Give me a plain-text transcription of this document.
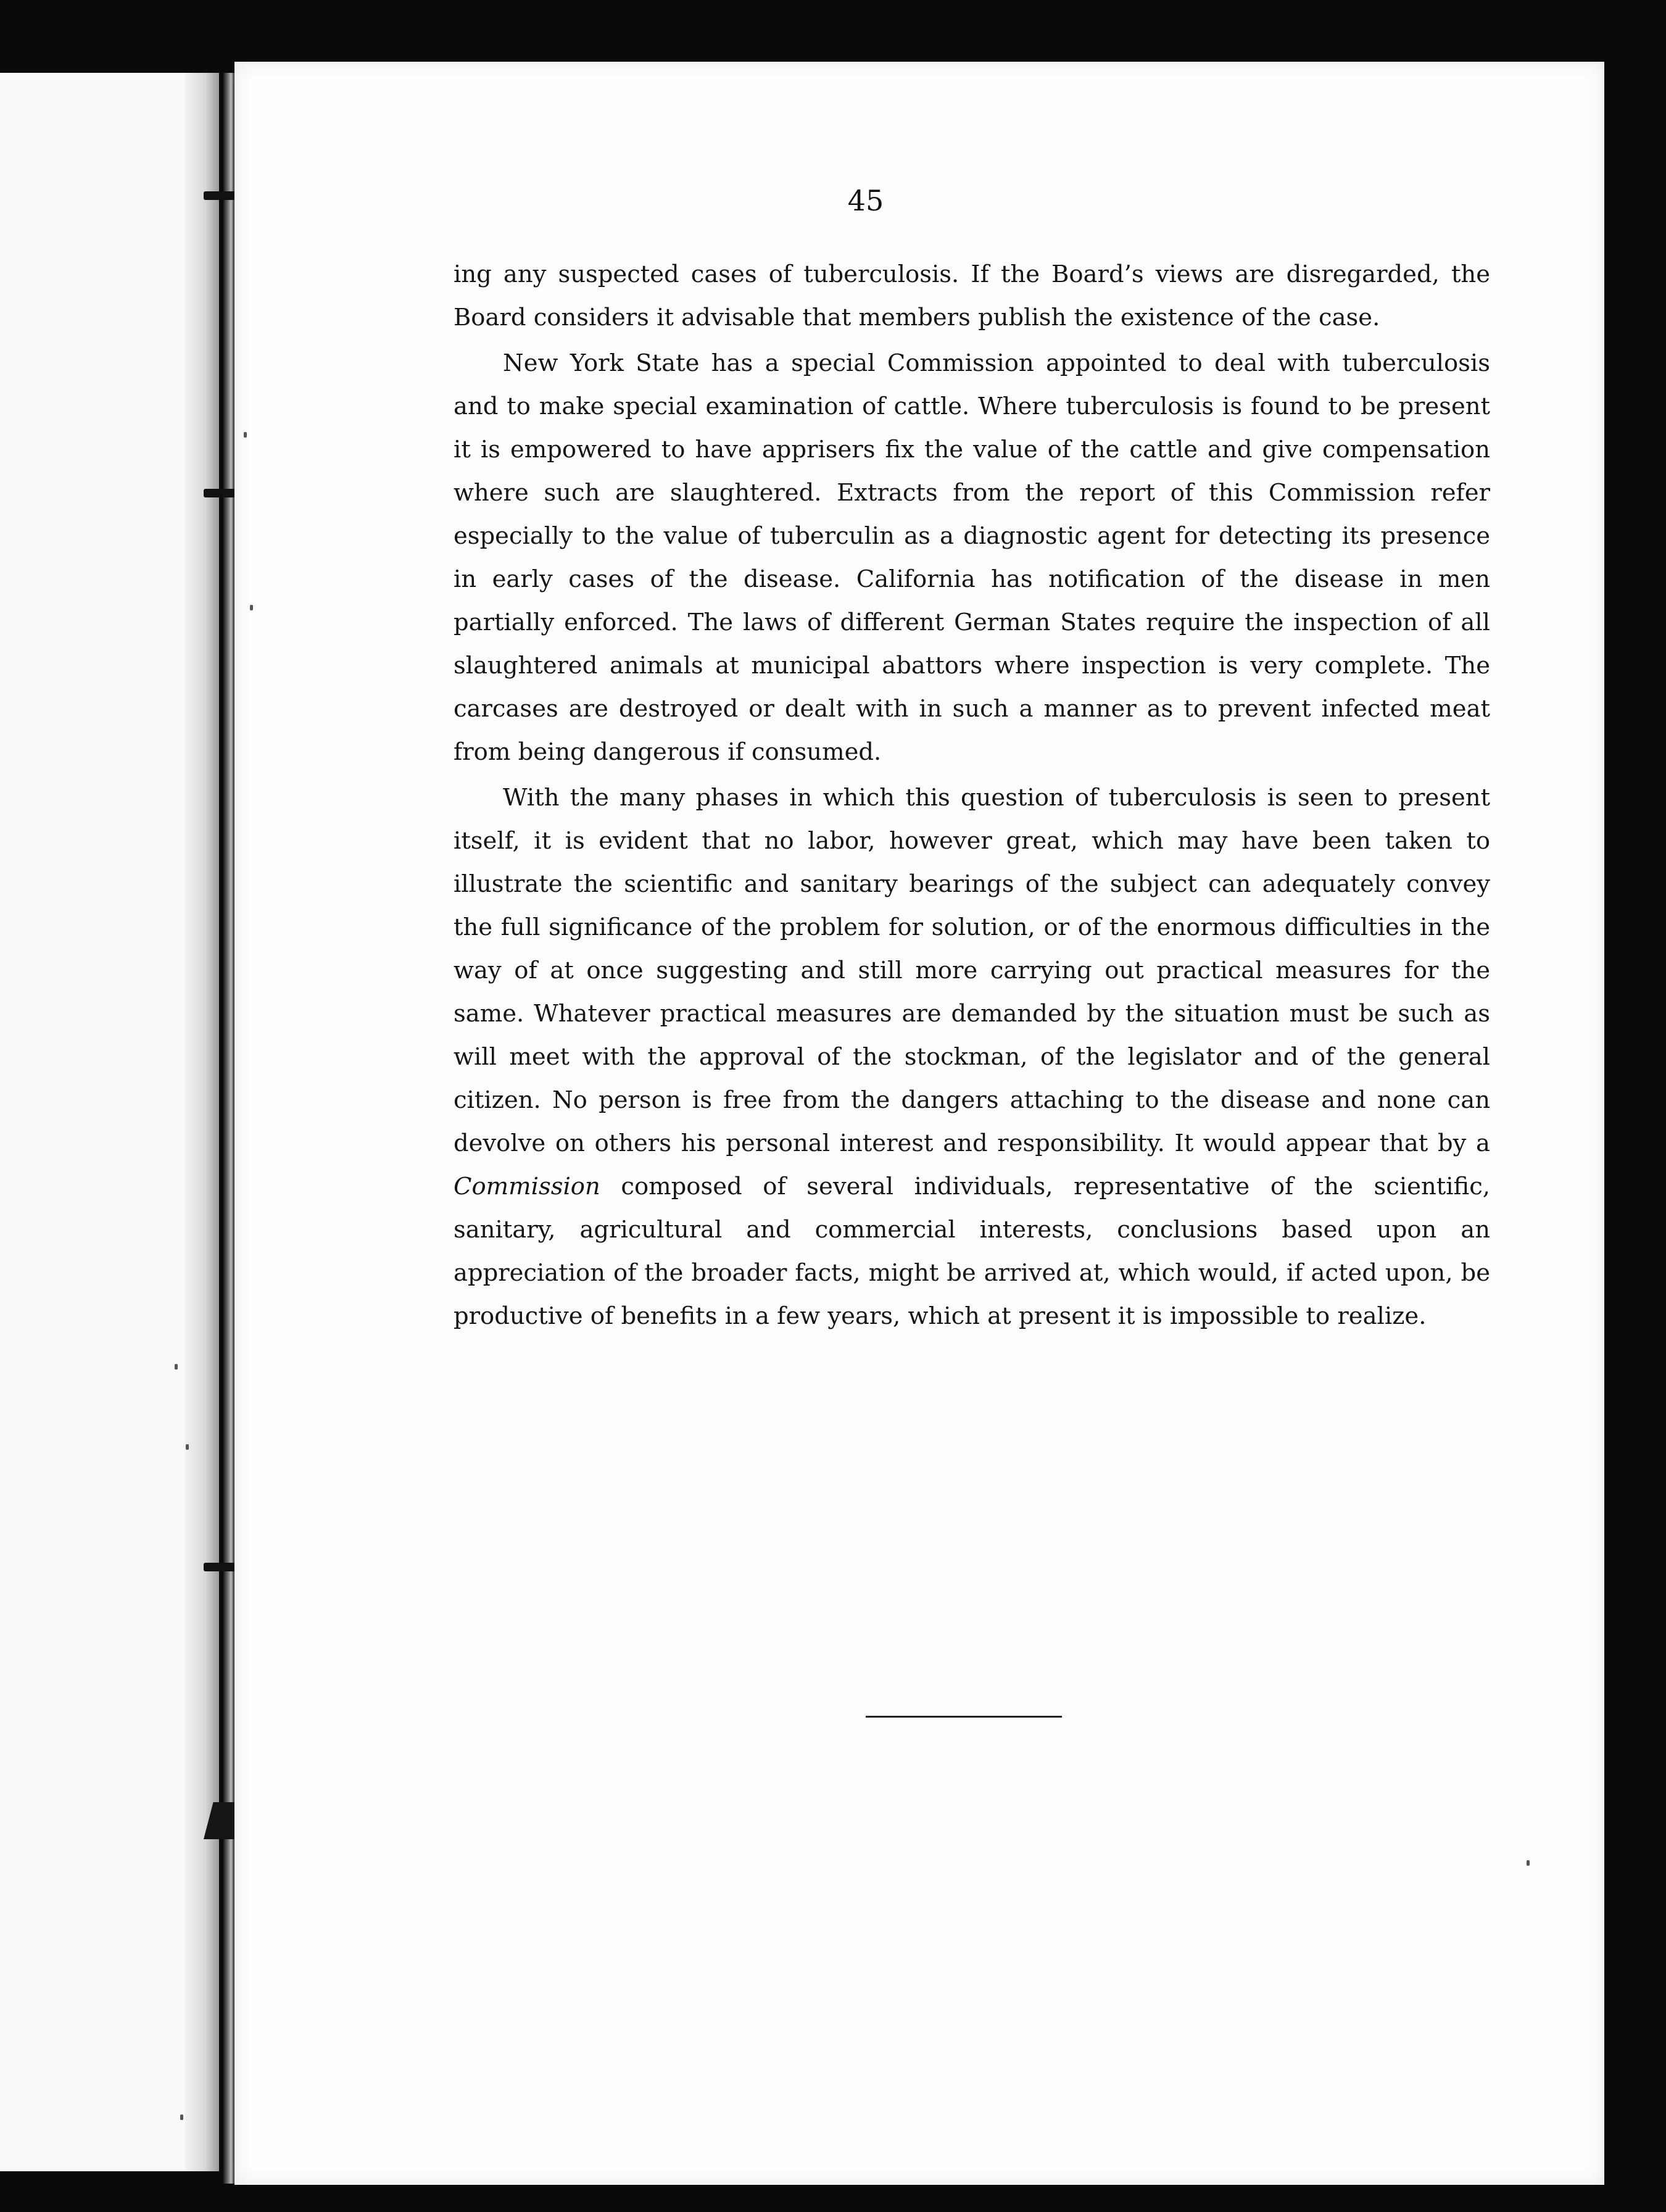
45

ing any suspected cases of tuberculosis. If the Board’s views are disregarded, the Board considers it advisable that members publish the existence of the case.

New York State has a special Commission appointed to deal with tuberculosis and to make special examination of cattle. Where tuberculosis is found to be present it is empowered to have apprisers fix the value of the cattle and give compensation where such are slaughtered. Extracts from the report of this Commission refer especially to the value of tuberculin as a diagnostic agent for detecting its presence in early cases of the disease. California has notification of the disease in men partially enforced. The laws of different German States require the inspection of all slaughtered animals at municipal abattors where inspection is very complete. The carcases are destroyed or dealt with in such a manner as to prevent infected meat from being dangerous if consumed.

With the many phases in which this question of tuberculosis is seen to present itself, it is evident that no labor, however great, which may have been taken to illustrate the scientific and sanitary bearings of the subject can adequately convey the full significance of the problem for solution, or of the enormous difficulties in the way of at once suggesting and still more carrying out practical measures for the same. Whatever practical measures are demanded by the situation must be such as will meet with the approval of the stockman, of the legislator and of the general citizen. No person is free from the dangers attaching to the disease and none can devolve on others his personal interest and responsibility. It would appear that by a Commission composed of several individuals, representative of the scientific, sanitary, agricultural and commercial interests, conclusions based upon an appreciation of the broader facts, might be arrived at, which would, if acted upon, be productive of benefits in a few years, which at present it is impossible to realize.
